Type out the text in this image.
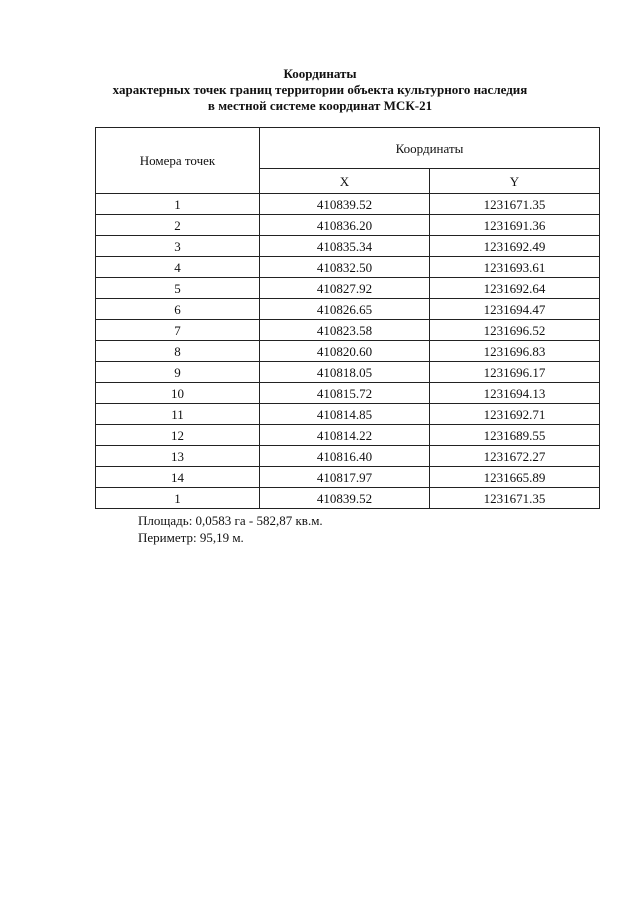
Координаты
характерных точек границ территории объекта культурного наследия
в местной системе координат МСК-21
Номера точек	Координаты	
	X	Y
1	410839.52	1231671.35
2	410836.20	1231691.36
3	410835.34	1231692.49
4	410832.50	1231693.61
5	410827.92	1231692.64
6	410826.65	1231694.47
7	410823.58	1231696.52
8	410820.60	1231696.83
9	410818.05	1231696.17
10	410815.72	1231694.13
11	410814.85	1231692.71
12	410814.22	1231689.55
13	410816.40	1231672.27
14	410817.97	1231665.89
1	410839.52	1231671.35
Площадь: 0,0583 га - 582,87 кв.м.
Периметр: 95,19 м.
